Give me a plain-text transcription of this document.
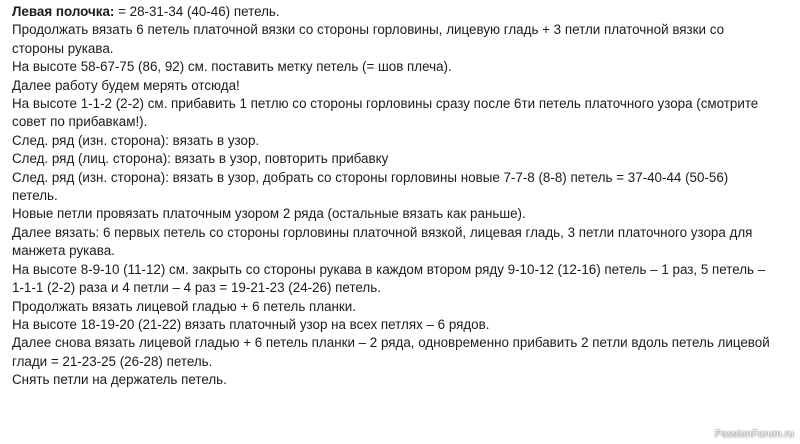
Левая полочка: = 28-31-34 (40-46) петель.
Продолжать вязать 6 петель платочной вязки со стороны горловины, лицевую гладь + 3 петли платочной вязки со
стороны рукава.
На высоте 58-67-75 (86, 92) см. поставить метку петель (= шов плеча).
Далее работу будем мерять отсюда!
На высоте 1-1-2 (2-2) см. прибавить 1 петлю со стороны горловины сразу после 6ти петель платочного узора (смотрите
совет по прибавкам!).
След. ряд (изн. сторона): вязать в узор.
След. ряд (лиц. сторона): вязать в узор, повторить прибавку
След. ряд (изн. сторона): вязать в узор, добрать со стороны горловины новые 7-7-8 (8-8) петель = 37-40-44 (50-56)
петель.
Новые петли провязать платочным узором 2 ряда (остальные вязать как раньше).
Далее вязать: 6 первых петель со стороны горловины платочной вязкой, лицевая гладь, 3 петли платочного узора для
манжета рукава.
На высоте 8-9-10 (11-12) см. закрыть со стороны рукава в каждом втором ряду 9-10-12 (12-16) петель – 1 раз, 5 петель –
1-1-1 (2-2) раза и 4 петли – 4 раз = 19-21-23 (24-26) петель.
Продолжать вязать лицевой гладью + 6 петель планки.
На высоте 18-19-20 (21-22) вязать платочный узор на всех петлях – 6 рядов.
Далее снова вязать лицевой гладью + 6 петель планки – 2 ряда, одновременно прибавить 2 петли вдоль петель лицевой
глади = 21-23-25 (26-28) петель.
Снять петли на держатель петель.
PassionForum.ru
